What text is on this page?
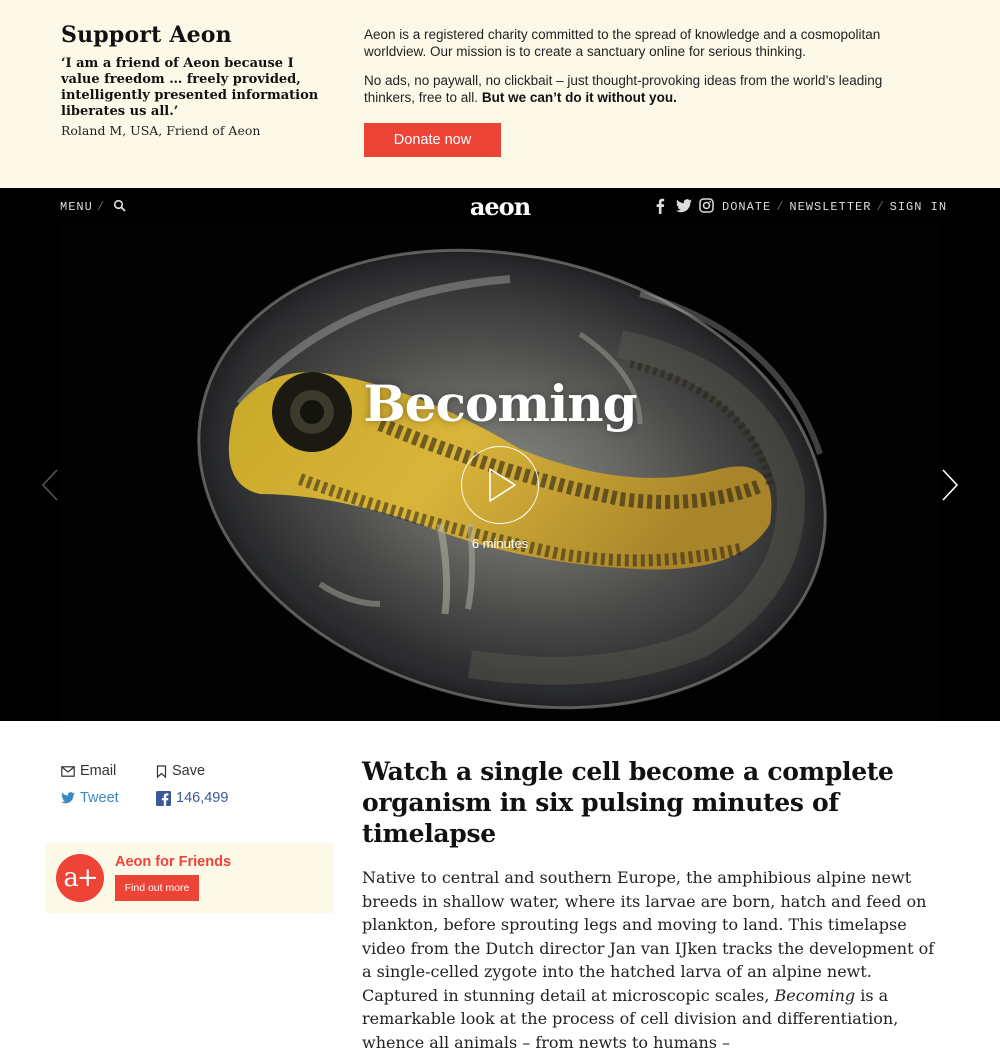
Support Aeon

‘I am a friend of Aeon because I value freedom … freely provided, intelligently presented information liberates us all.’

Roland M, USA, Friend of Aeon

Aeon is a registered charity committed to the spread of knowledge and a cosmopolitan worldview. Our mission is to create a sanctuary online for serious thinking.

No ads, no paywall, no clickbait – just thought-provoking ideas from the world’s leading thinkers, free to all. But we can’t do it without you.

Donate now
MENU /	aeon	DONATE / NEWSLETTER / SIGN IN
Becoming
6 minutes
Email	Save
Tweet	146,499
a+
Aeon for Friends
Find out more
Watch a single cell become a complete organism in six pulsing minutes of timelapse

Native to central and southern Europe, the amphibious alpine newt breeds in shallow water, where its larvae are born, hatch and feed on plankton, before sprouting legs and moving to land. This timelapse video from the Dutch director Jan van IJken tracks the development of a single-celled zygote into the hatched larva of an alpine newt. Captured in stunning detail at microscopic scales, Becoming is a remarkable look at the process of cell division and differentiation, whence all animals – from newts to humans –
